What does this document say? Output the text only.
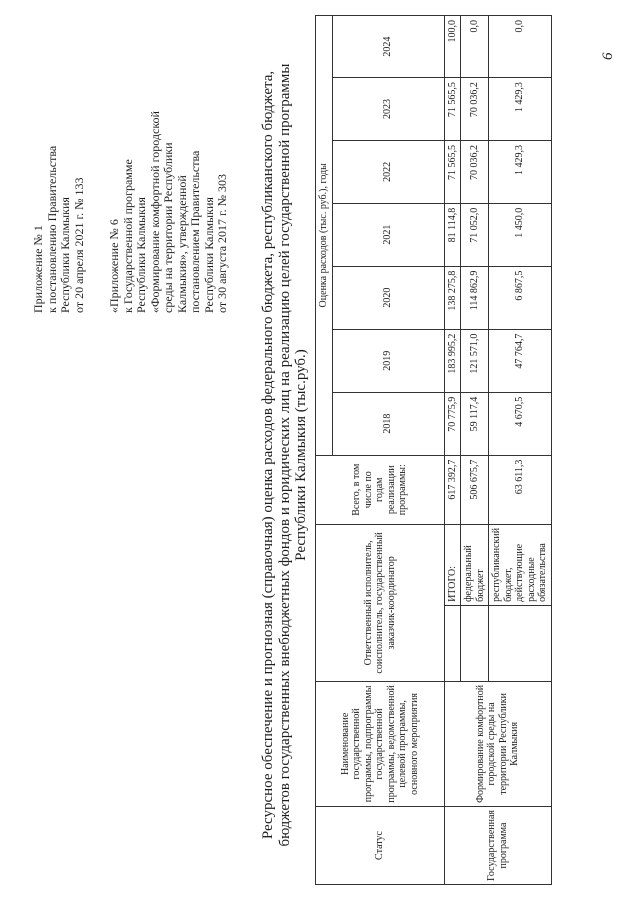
Приложение № 1 к постановлению Правительства Республики Калмыкия от 20 апреля 2021 г. № 133 «Приложение № 6 к Государственной программе Республики Калмыкия «Формирование комфортной городской среды на территории Республики Калмыкия», утвержденной постановлением Правительства Республики Калмыкия от 30 августа 2017 г. № 303 Ресурсное обеспечение и прогнозная (справочная) оценка расходов федерального бюджета, республиканского бюджета, бюджетов государственных внебюджетных фондов и юридических лиц на реализацию целей государственной программы Республики Калмыкия (тыс.руб.)
Статус	Наименование государственной программы, подпрограммы государственной программы, ведомственной целевой программы, основного мероприятия	Ответственный исполнитель, соисполнитель, государственный заказчик-координатор		Всего, в том числе по годам реализации программы:	Оценка расходов (тыс. руб.), годы						
					2018	2019	2020	2021	2022	2023	2024
Государственная программа	Формирование комфортной городской среды на территории Республики Калмыкия		ИТОГО:	617 392,7	70 775,9	183 995,2	138 275,8	81 114,8	71 565,5	71 565,5	100,0
			федеральный бюджет	506 675,7	59 117,4	121 571,0	114 862,9	71 052,0	70 036,2	70 036,2	0,0
			республиканский бюджет, действующие расходные обязательства	63 611,3	4 670,5	47 764,7	6 867,5	1 450,0	1 429,3	1 429,3	0,0
6
